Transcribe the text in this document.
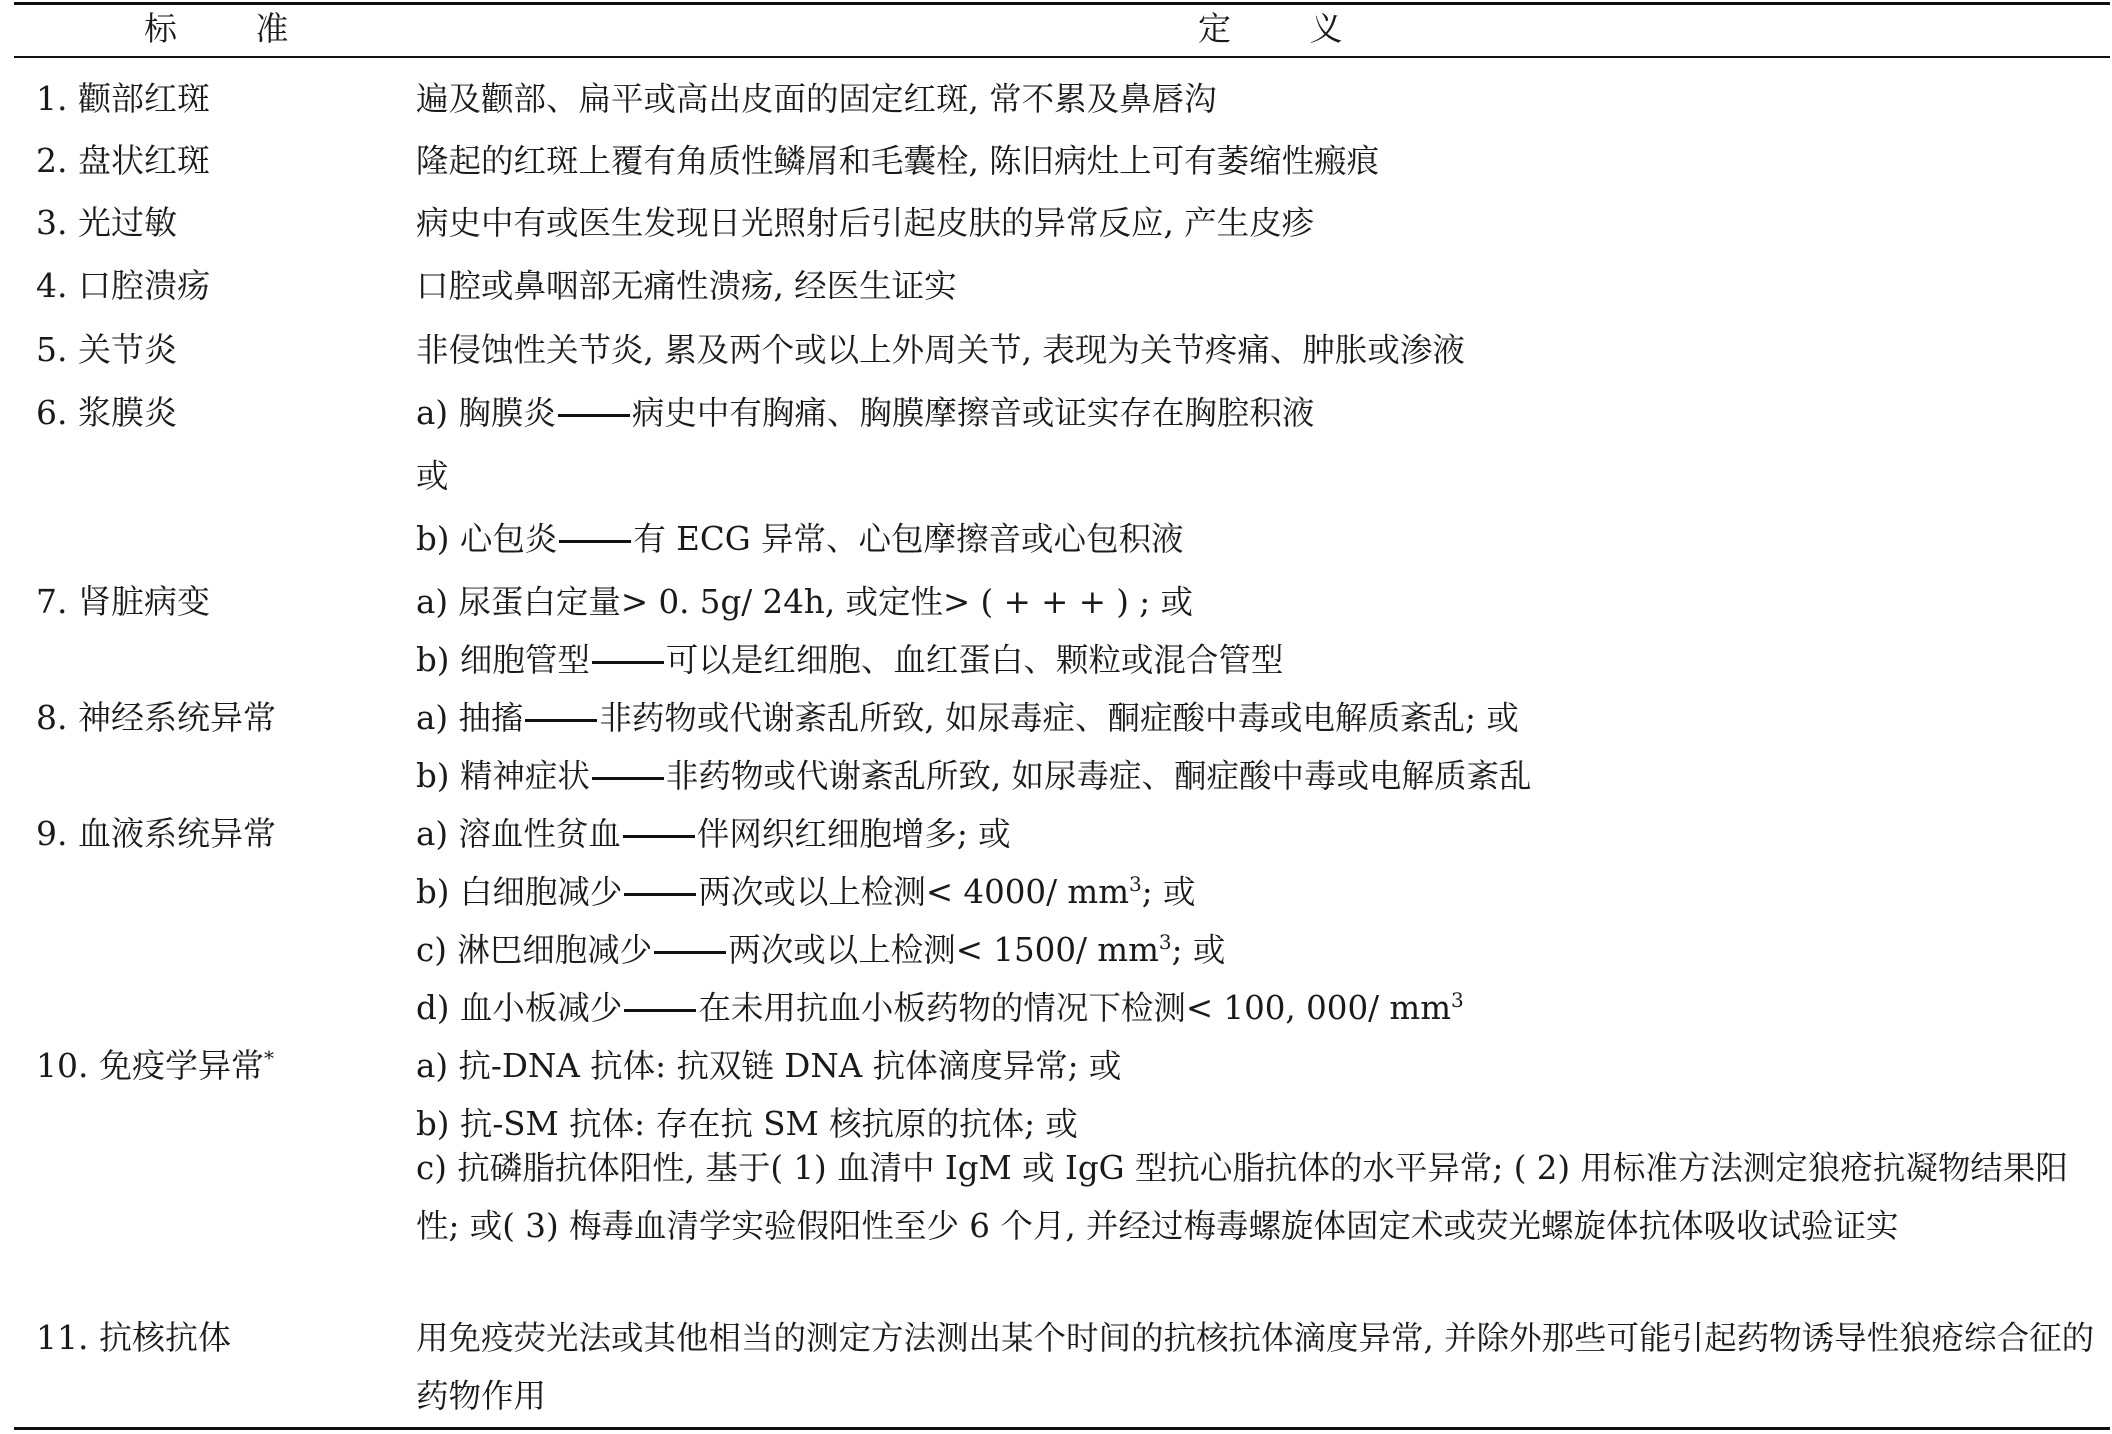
标 准	定 义
1. 颧部红斑	遍及颧部、扁平或高出皮面的固定红斑, 常不累及鼻唇沟
2. 盘状红斑	隆起的红斑上覆有角质性鳞屑和毛囊栓, 陈旧病灶上可有萎缩性瘢痕
3. 光过敏	病史中有或医生发现日光照射后引起皮肤的异常反应, 产生皮疹
4. 口腔溃疡	口腔或鼻咽部无痛性溃疡, 经医生证实
5. 关节炎	非侵蚀性关节炎, 累及两个或以上外周关节, 表现为关节疼痛、肿胀或渗液
6. 浆膜炎	a) 胸膜炎 病史中有胸痛、胸膜摩擦音或证实存在胸腔积液
或
b) 心包炎 有 ECG 异常、心包摩擦音或心包积液
7. 肾脏病变	a) 尿蛋白定量> 0. 5g/ 24h, 或定性> ( + + + ) ; 或
b) 细胞管型 可以是红细胞、血红蛋白、颗粒或混合管型
8. 神经系统异常	a) 抽搐 非药物或代谢紊乱所致, 如尿毒症、酮症酸中毒或电解质紊乱; 或
b) 精神症状 非药物或代谢紊乱所致, 如尿毒症、酮症酸中毒或电解质紊乱
9. 血液系统异常	a) 溶血性贫血 伴网织红细胞增多; 或
b) 白细胞减少 两次或以上检测< 4000/ $mm^3$; 或
c) 淋巴细胞减少 两次或以上检测< 1500/ $mm^3$; 或
d) 血小板减少 在未用抗血小板药物的情况下检测< 100, 000/ $mm^3$
10. 免疫学异常*	a) 抗-DNA 抗体: 抗双链 DNA 抗体滴度异常; 或
b) 抗-SM 抗体: 存在抗 SM 核抗原的抗体; 或
c) 抗磷脂抗体阳性, 基于( 1) 血清中 IgM 或 IgG 型抗心脂抗体的水平异常; ( 2) 用标准方法测定狼疮抗凝物结果阳性; 或( 3) 梅毒血清学实验假阳性至少 6 个月, 并经过梅毒螺旋体固定术或荧光螺旋体抗体吸收试验证实
11. 抗核抗体	用免疫荧光法或其他相当的测定方法测出某个时间的抗核抗体滴度异常, 并除外那些可能引起药物诱导性狼疮综合征的药物作用
